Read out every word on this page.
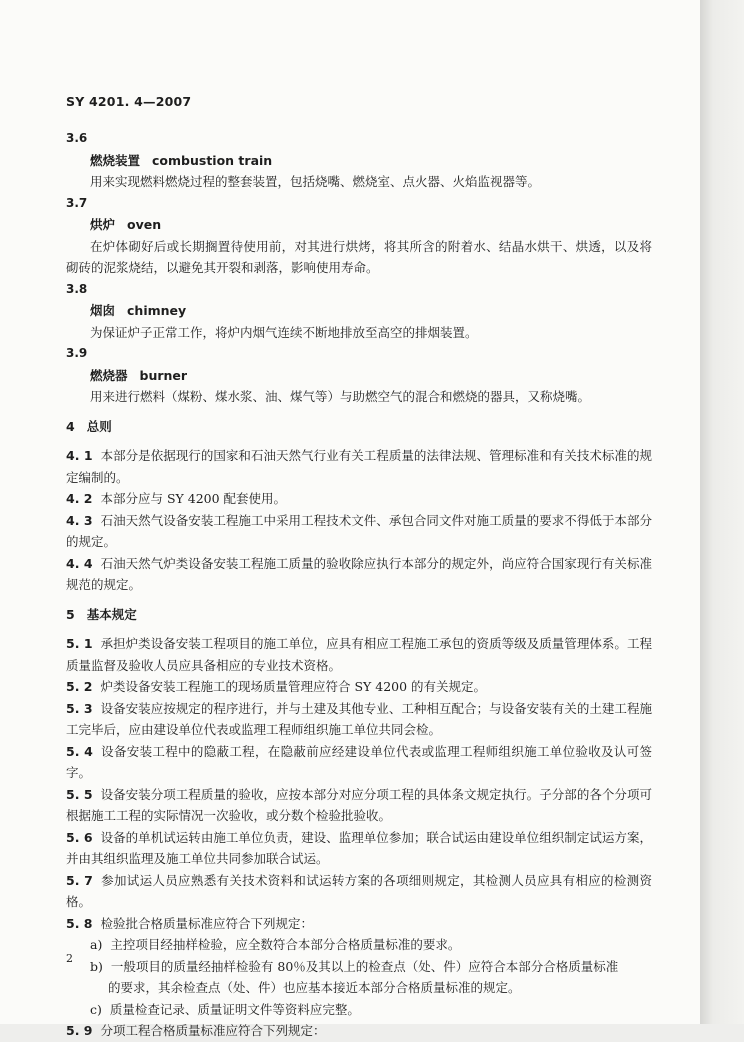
SY 4201. 4—2007
3.6
燃烧装置 combustion train
用来实现燃料燃烧过程的整套装置，包括烧嘴、燃烧室、点火器、火焰监视器等。
3.7
烘炉 oven
在炉体砌好后或长期搁置待使用前，对其进行烘烤，将其所含的附着水、结晶水烘干、烘透，以及将砌砖的泥浆烧结，以避免其开裂和剥落，影响使用寿命。
3.8
烟囱 chimney
为保证炉子正常工作，将炉内烟气连续不断地排放至高空的排烟装置。
3.9
燃烧器 burner
用来进行燃料（煤粉、煤水浆、油、煤气等）与助燃空气的混合和燃烧的器具，又称烧嘴。
4 总则
4. 1 本部分是依据现行的国家和石油天然气行业有关工程质量的法律法规、管理标准和有关技术标准的规定编制的。
4. 2 本部分应与 SY 4200 配套使用。
4. 3 石油天然气设备安装工程施工中采用工程技术文件、承包合同文件对施工质量的要求不得低于本部分的规定。
4. 4 石油天然气炉类设备安装工程施工质量的验收除应执行本部分的规定外，尚应符合国家现行有关标准规范的规定。
5 基本规定
5. 1 承担炉类设备安装工程项目的施工单位，应具有相应工程施工承包的资质等级及质量管理体系。工程质量监督及验收人员应具备相应的专业技术资格。
5. 2 炉类设备安装工程施工的现场质量管理应符合 SY 4200 的有关规定。
5. 3 设备安装应按规定的程序进行，并与土建及其他专业、工种相互配合；与设备安装有关的土建工程施工完毕后，应由建设单位代表或监理工程师组织施工单位共同会检。
5. 4 设备安装工程中的隐蔽工程，在隐蔽前应经建设单位代表或监理工程师组织施工单位验收及认可签字。
5. 5 设备安装分项工程质量的验收，应按本部分对应分项工程的具体条文规定执行。子分部的各个分项可根据施工工程的实际情况一次验收，或分数个检验批验收。
5. 6 设备的单机试运转由施工单位负责，建设、监理单位参加；联合试运由建设单位组织制定试运方案，并由其组织监理及施工单位共同参加联合试运。
5. 7 参加试运人员应熟悉有关技术资料和试运转方案的各项细则规定，其检测人员应具有相应的检测资格。
5. 8 检验批合格质量标准应符合下列规定：
a) 主控项目经抽样检验，应全数符合本部分合格质量标准的要求。
b) 一般项目的质量经抽样检验有 80％及其以上的检查点（处、件）应符合本部分合格质量标准
的要求，其余检查点（处、件）也应基本接近本部分合格质量标准的规定。
c) 质量检查记录、质量证明文件等资料应完整。
5. 9 分项工程合格质量标准应符合下列规定：
2
